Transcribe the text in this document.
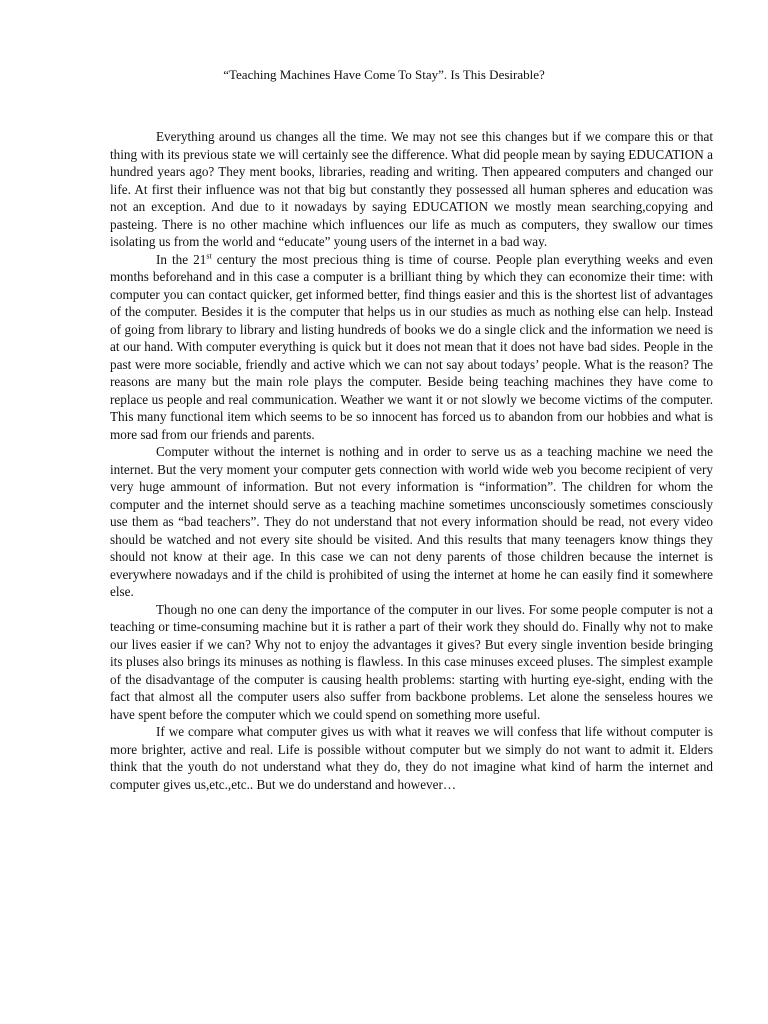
“Teaching Machines Have Come To Stay”. Is This Desirable?

Everything around us changes all the time. We may not see this changes but if we compare this or that thing with its previous state we will certainly see the difference. What did people mean by saying EDUCATION a hundred years ago? They ment books, libraries, reading and writing. Then appeared computers and changed our life. At first their influence was not that big but constantly they possessed all human spheres and education was not an exception. And due to it nowadays by saying EDUCATION we mostly mean searching,copying and pasteing. There is no other machine which influences our life as much as computers, they swallow our times isolating us from the world and “educate” young users of the internet in a bad way.

In the 21st century the most precious thing is time of course. People plan everything weeks and even months beforehand and in this case a computer is a brilliant thing by which they can economize their time: with computer you can contact quicker, get informed better, find things easier and this is the shortest list of advantages of the computer. Besides it is the computer that helps us in our studies as much as nothing else can help. Instead of going from library to library and listing hundreds of books we do a single click and the information we need is at our hand. With computer everything is quick but it does not mean that it does not have bad sides. People in the past were more sociable, friendly and active which we can not say about todays’ people. What is the reason? The reasons are many but the main role plays the computer. Beside being teaching machines they have come to replace us people and real communication. Weather we want it or not slowly we become victims of the computer. This many functional item which seems to be so innocent has forced us to abandon from our hobbies and what is more sad from our friends and parents.

Computer without the internet is nothing and in order to serve us as a teaching machine we need the internet. But the very moment your computer gets connection with world wide web you become recipient of very very huge ammount of information. But not every information is “information”. The children for whom the computer and the internet should serve as a teaching machine sometimes unconsciously sometimes consciously use them as “bad teachers”. They do not understand that not every information should be read, not every video should be watched and not every site should be visited. And this results that many teenagers know things they should not know at their age. In this case we can not deny parents of those children because the internet is everywhere nowadays and if the child is prohibited of using the internet at home he can easily find it somewhere else.

Though no one can deny the importance of the computer in our lives. For some people computer is not a teaching or time-consuming machine but it is rather a part of their work they should do. Finally why not to make our lives easier if we can? Why not to enjoy the advantages it gives? But every single invention beside bringing its pluses also brings its minuses as nothing is flawless. In this case minuses exceed pluses. The simplest example of the disadvantage of the computer is causing health problems: starting with hurting eye-sight, ending with the fact that almost all the computer users also suffer from backbone problems. Let alone the senseless houres we have spent before the computer which we could spend on something more useful.

If we compare what computer gives us with what it reaves we will confess that life without computer is more brighter, active and real. Life is possible without computer but we simply do not want to admit it. Elders think that the youth do not understand what they do, they do not imagine what kind of harm the internet and computer gives us,etc.,etc.. But we do understand and however…
